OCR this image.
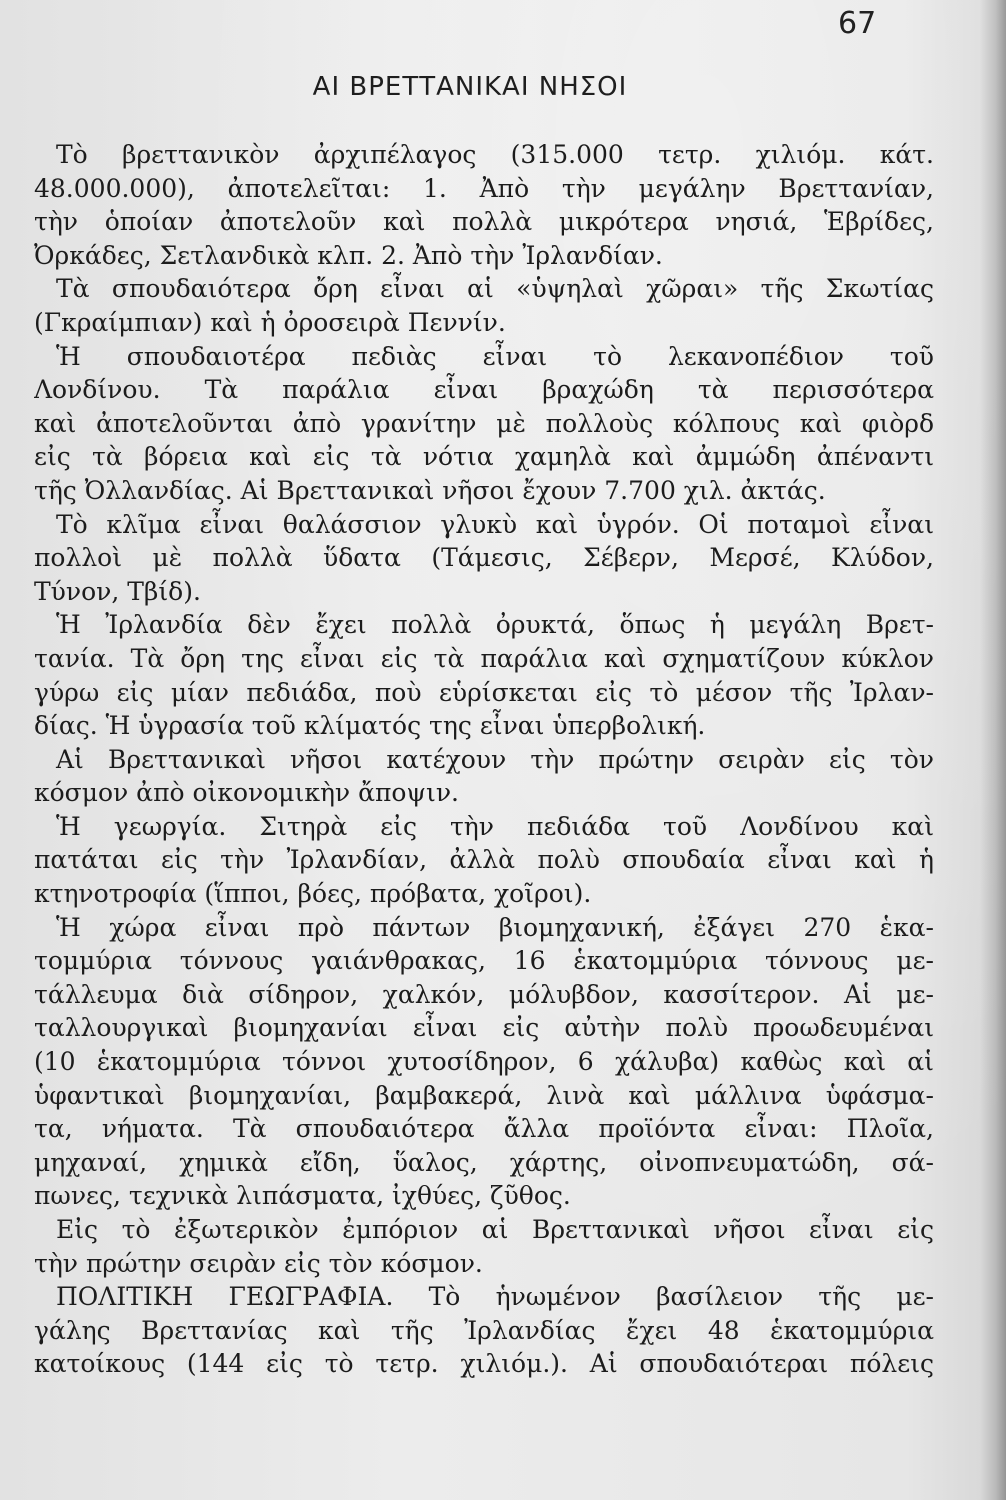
67
ΑΙ ΒΡΕΤΤΑΝΙΚΑΙ ΝΗΣΟΙ
Τὸ βρεττανικὸν ἀρχιπέλαγος (315.000 τετρ. χιλιόμ. κάτ.
48.000.000), ἀποτελεῖται: 1. Ἀπὸ τὴν μεγάλην Βρεττανίαν,
τὴν ὁποίαν ἀποτελοῦν καὶ πολλὰ μικρότερα νησιά, Ἑβρίδες,
Ὀρκάδες, Σετλανδικὰ κλπ. 2. Ἀπὸ τὴν Ἰρλανδίαν.
Τὰ σπουδαιότερα ὄρη εἶναι αἱ «ὑψηλαὶ χῶραι» τῆς Σκωτίας
(Γκραίμπιαν) καὶ ἡ ὀροσειρὰ Πεννίν.
Ἡ σπουδαιοτέρα πεδιὰς εἶναι τὸ λεκανοπέδιον τοῦ
Λονδίνου. Τὰ παράλια εἶναι βραχώδη τὰ περισσότερα
καὶ ἀποτελοῦνται ἀπὸ γρανίτην μὲ πολλοὺς κόλπους καὶ φιὸρδ
εἰς τὰ βόρεια καὶ εἰς τὰ νότια χαμηλὰ καὶ ἀμμώδη ἀπέναντι
τῆς Ὀλλανδίας. Αἱ Βρεττανικαὶ νῆσοι ἔχουν 7.700 χιλ. ἀκτάς.
Τὸ κλῖμα εἶναι θαλάσσιον γλυκὺ καὶ ὑγρόν. Οἱ ποταμοὶ εἶναι
πολλοὶ μὲ πολλὰ ὕδατα (Τάμεσις, Σέβερν, Μερσέ, Κλύδον,
Τύνον, Τβίδ).
Ἡ Ἰρλανδία δὲν ἔχει πολλὰ ὀρυκτά, ὅπως ἡ μεγάλη Βρετ-
τανία. Τὰ ὄρη της εἶναι εἰς τὰ παράλια καὶ σχηματίζουν κύκλον
γύρω εἰς μίαν πεδιάδα, ποὺ εὑρίσκεται εἰς τὸ μέσον τῆς Ἰρλαν-
δίας. Ἡ ὑγρασία τοῦ κλίματός της εἶναι ὑπερβολική.
Αἱ Βρεττανικαὶ νῆσοι κατέχουν τὴν πρώτην σειρὰν εἰς τὸν
κόσμον ἀπὸ οἰκονομικὴν ἄποψιν.
Ἡ γεωργία. Σιτηρὰ εἰς τὴν πεδιάδα τοῦ Λονδίνου καὶ
πατάται εἰς τὴν Ἰρλανδίαν, ἀλλὰ πολὺ σπουδαία εἶναι καὶ ἡ
κτηνοτροφία (ἵπποι, βόες, πρόβατα, χοῖροι).
Ἡ χώρα εἶναι πρὸ πάντων βιομηχανική, ἐξάγει 270 ἑκα-
τομμύρια τόννους γαιάνθρακας, 16 ἑκατομμύρια τόννους με-
τάλλευμα διὰ σίδηρον, χαλκόν, μόλυβδον, κασσίτερον. Αἱ με-
ταλλουργικαὶ βιομηχανίαι εἶναι εἰς αὐτὴν πολὺ προωδευμέναι
(10 ἑκατομμύρια τόννοι χυτοσίδηρον, 6 χάλυβα) καθὼς καὶ αἱ
ὑφαντικαὶ βιομηχανίαι, βαμβακερά, λινὰ καὶ μάλλινα ὑφάσμα-
τα, νήματα. Τὰ σπουδαιότερα ἄλλα προϊόντα εἶναι: Πλοῖα,
μηχαναί, χημικὰ εἴδη, ὕαλος, χάρτης, οἰνοπνευματώδη, σά-
πωνες, τεχνικὰ λιπάσματα, ἰχθύες, ζῦθος.
Εἰς τὸ ἐξωτερικὸν ἐμπόριον αἱ Βρεττανικαὶ νῆσοι εἶναι εἰς
τὴν πρώτην σειρὰν εἰς τὸν κόσμον.
ΠΟΛΙΤΙΚΗ ΓΕΩΓΡΑΦΙΑ. Τὸ ἡνωμένον βασίλειον τῆς με-
γάλης Βρεττανίας καὶ τῆς Ἰρλανδίας ἔχει 48 ἑκατομμύρια
κατοίκους (144 εἰς τὸ τετρ. χιλιόμ.). Αἱ σπουδαιότεραι πόλεις
